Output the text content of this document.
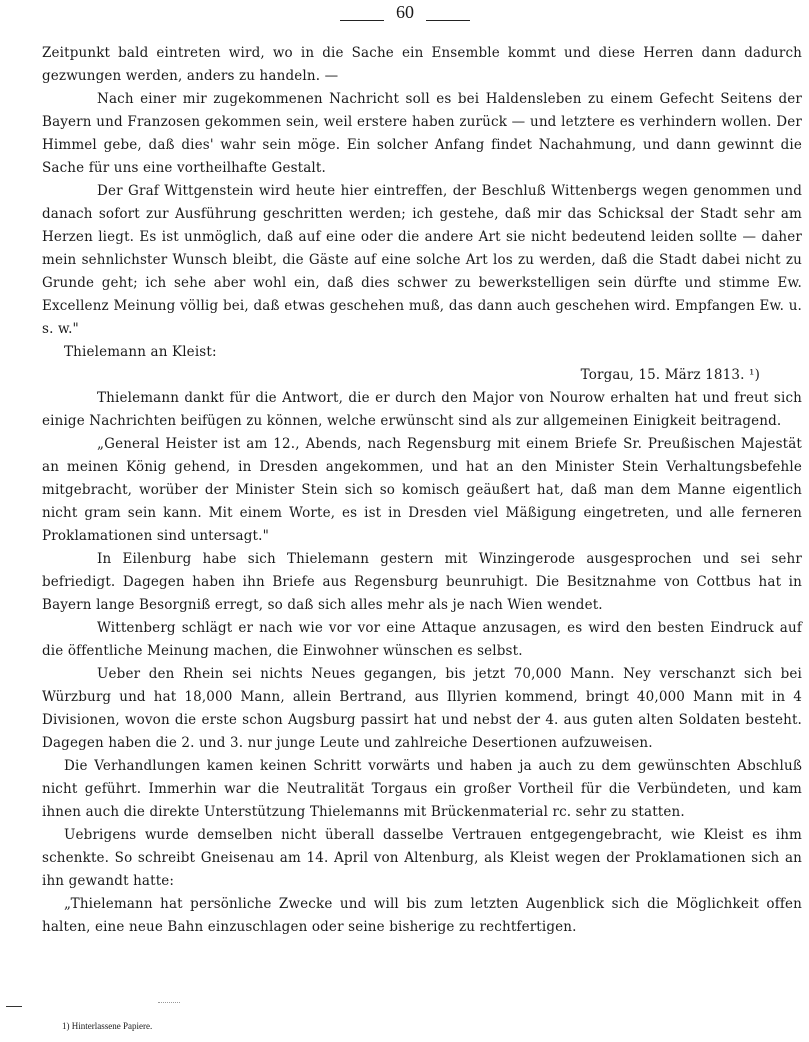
60

Zeitpunkt bald eintreten wird, wo in die Sache ein Ensemble kommt und diese Herren dann dadurch gezwungen werden, anders zu handeln. —

Nach einer mir zugekommenen Nachricht soll es bei Haldensleben zu einem Gefecht Seitens der Bayern und Franzosen gekommen sein, weil erstere haben zurück — und letztere es verhindern wollen. Der Himmel gebe, daß dies' wahr sein möge. Ein solcher Anfang findet Nachahmung, und dann gewinnt die Sache für uns eine vortheilhafte Gestalt.

Der Graf Wittgenstein wird heute hier eintreffen, der Beschluß Wittenbergs wegen genommen und danach sofort zur Ausführung geschritten werden; ich gestehe, daß mir das Schicksal der Stadt sehr am Herzen liegt. Es ist unmöglich, daß auf eine oder die andere Art sie nicht bedeutend leiden sollte — daher mein sehnlichster Wunsch bleibt, die Gäste auf eine solche Art los zu werden, daß die Stadt dabei nicht zu Grunde geht; ich sehe aber wohl ein, daß dies schwer zu bewerkstelligen sein dürfte und stimme Ew. Excellenz Meinung völlig bei, daß etwas geschehen muß, das dann auch geschehen wird. Empfangen Ew. u. s. w."

Thielemann an Kleist:

Torgau, 15. März 1813. ¹)

Thielemann dankt für die Antwort, die er durch den Major von Nourow erhalten hat und freut sich einige Nachrichten beifügen zu können, welche erwünscht sind als zur allgemeinen Einigkeit beitragend.

„General Heister ist am 12., Abends, nach Regensburg mit einem Briefe Sr. Preußischen Majestät an meinen König gehend, in Dresden angekommen, und hat an den Minister Stein Verhaltungsbefehle mitgebracht, worüber der Minister Stein sich so komisch geäußert hat, daß man dem Manne eigentlich nicht gram sein kann. Mit einem Worte, es ist in Dresden viel Mäßigung eingetreten, und alle ferneren Proklamationen sind untersagt."

In Eilenburg habe sich Thielemann gestern mit Winzingerode ausgesprochen und sei sehr befriedigt. Dagegen haben ihn Briefe aus Regensburg beunruhigt. Die Besitznahme von Cottbus hat in Bayern lange Besorgniß erregt, so daß sich alles mehr als je nach Wien wendet.

Wittenberg schlägt er nach wie vor vor eine Attaque anzusagen, es wird den besten Eindruck auf die öffentliche Meinung machen, die Einwohner wünschen es selbst.

Ueber den Rhein sei nichts Neues gegangen, bis jetzt 70,000 Mann. Ney verschanzt sich bei Würzburg und hat 18,000 Mann, allein Bertrand, aus Illyrien kommend, bringt 40,000 Mann mit in 4 Divisionen, wovon die erste schon Augsburg passirt hat und nebst der 4. aus guten alten Soldaten besteht. Dagegen haben die 2. und 3. nur junge Leute und zahlreiche Desertionen aufzuweisen.

Die Verhandlungen kamen keinen Schritt vorwärts und haben ja auch zu dem gewünschten Abschluß nicht geführt. Immerhin war die Neutralität Torgaus ein großer Vortheil für die Verbündeten, und kam ihnen auch die direkte Unterstützung Thielemanns mit Brückenmaterial rc. sehr zu statten.

Uebrigens wurde demselben nicht überall dasselbe Vertrauen entgegengebracht, wie Kleist es ihm schenkte. So schreibt Gneisenau am 14. April von Altenburg, als Kleist wegen der Proklamationen sich an ihn gewandt hatte:

„Thielemann hat persönliche Zwecke und will bis zum letzten Augenblick sich die Möglichkeit offen halten, eine neue Bahn einzuschlagen oder seine bisherige zu rechtfertigen.

1) Hinterlassene Papiere.
